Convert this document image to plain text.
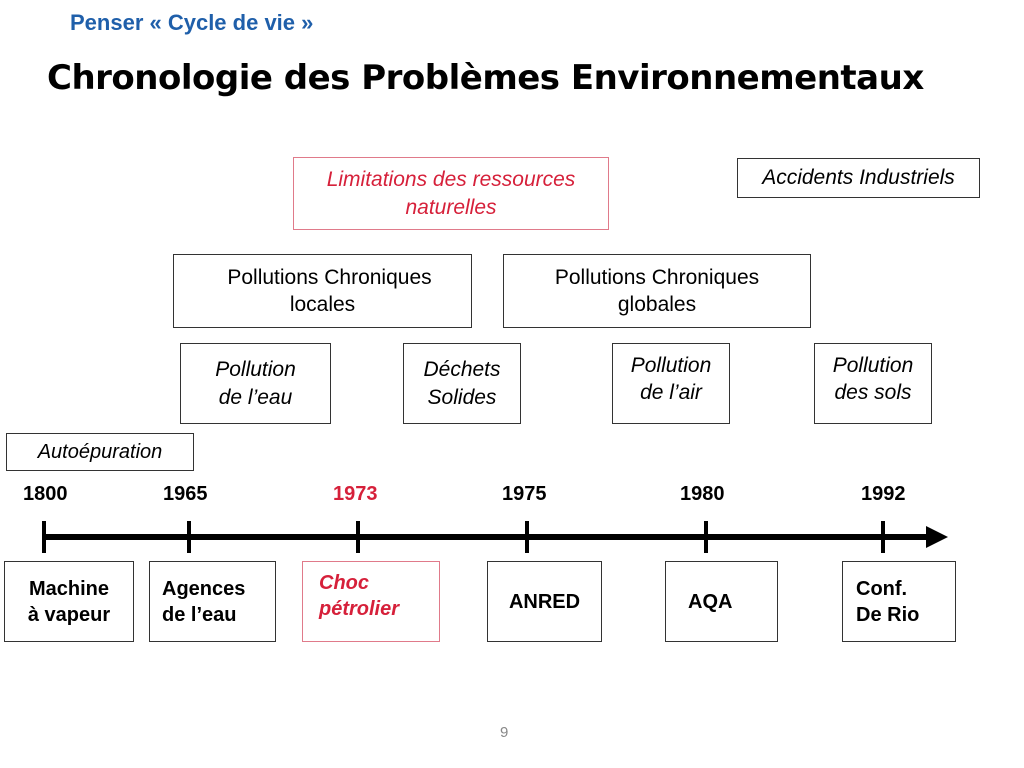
Penser « Cycle de vie »
Chronologie des Problèmes Environnementaux
Limitations des ressources
naturelles
Accidents Industriels
Pollutions Chroniques
locales
Pollutions Chroniques
globales
Pollution
de l’eau
Déchets
Solides
Pollution
de l’air
Pollution
des sols
Autoépuration
1800	1965	1973	1975	1980	1992
Machine
à vapeur
Agences
de l’eau
Choc
pétrolier	ANRED	AQA
Conf.
De Rio
9
